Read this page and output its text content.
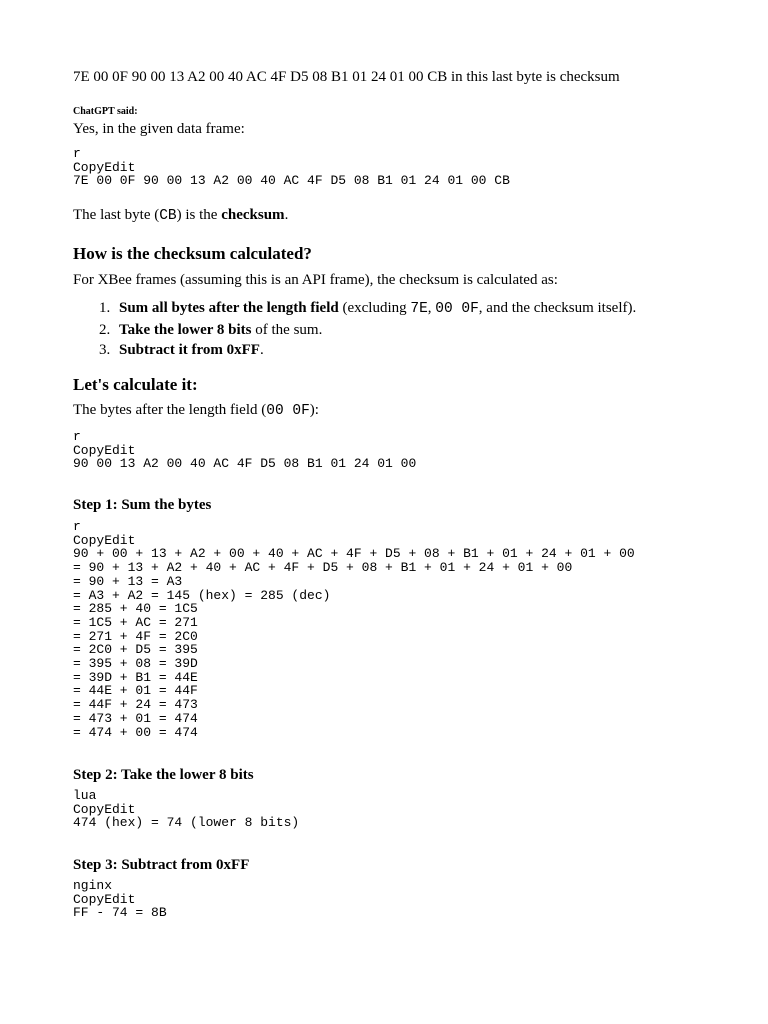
7E 00 0F 90 00 13 A2 00 40 AC 4F D5 08 B1 01 24 01 00 CB in this last byte is checksum
ChatGPT said:
Yes, in the given data frame:
r
CopyEdit
7E 00 0F 90 00 13 A2 00 40 AC 4F D5 08 B1 01 24 01 00 CB
The last byte (CB) is the checksum.
How is the checksum calculated?
For XBee frames (assuming this is an API frame), the checksum is calculated as:
1. Sum all bytes after the length field (excluding 7E, 00 0F, and the checksum itself).
2. Take the lower 8 bits of the sum.
3. Subtract it from 0xFF.
Let's calculate it:
The bytes after the length field (00 0F):
r
CopyEdit
90 00 13 A2 00 40 AC 4F D5 08 B1 01 24 01 00
Step 1: Sum the bytes
r
CopyEdit
90 + 00 + 13 + A2 + 00 + 40 + AC + 4F + D5 + 08 + B1 + 01 + 24 + 01 + 00
= 90 + 13 + A2 + 40 + AC + 4F + D5 + 08 + B1 + 01 + 24 + 01 + 00
= 90 + 13 = A3
= A3 + A2 = 145 (hex) = 285 (dec)
= 285 + 40 = 1C5
= 1C5 + AC = 271
= 271 + 4F = 2C0
= 2C0 + D5 = 395
= 395 + 08 = 39D
= 39D + B1 = 44E
= 44E + 01 = 44F
= 44F + 24 = 473
= 473 + 01 = 474
= 474 + 00 = 474
Step 2: Take the lower 8 bits
lua
CopyEdit
474 (hex) = 74 (lower 8 bits)
Step 3: Subtract from 0xFF
nginx
CopyEdit
FF - 74 = 8B
